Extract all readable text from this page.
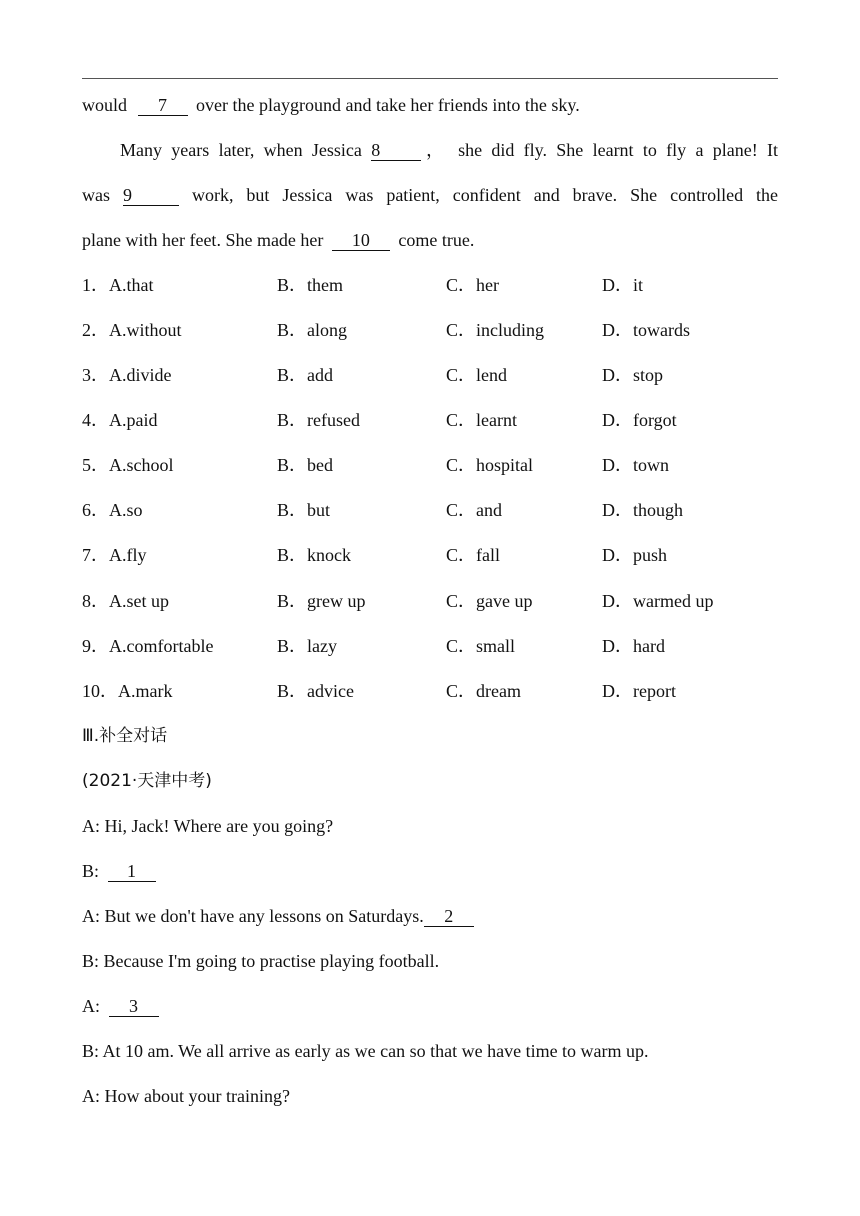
would 7 over the playground and take her friends into the sky.
Many years later, when Jessica 8 ， she did fly. She learnt to fly a plane! It
was 9	work, but Jessica was patient, confident and brave. She controlled the
plane with her feet. She made her 10 come true.
1．A.that	B．them	C．her	D．it
2．A.without	B．along	C．including	D．towards
3．A.divide	B．add	C．lend	D．stop
4．A.paid	B．refused	C．learnt	D．forgot
5．A.school	B．bed	C．hospital	D．town
6．A.so	B．but	C．and	D．though
7．A.fly	B．knock	C．fall	D．push
8．A.set up	B．grew up	C．gave up	D．warmed up
9．A.comfortable	B．lazy	C．small	D．hard
10．A.mark	B．advice	C．dream	D．report
Ⅲ.补全对话
(2021·天津中考)
A: Hi, Jack! Where are you going?
B: 1
A: But we don't have any lessons on Saturdays. 2
B: Because I'm going to practise playing football.
A: 3
B: At 10 am. We all arrive as early as we can so that we have time to warm up.
A: How about your training?
